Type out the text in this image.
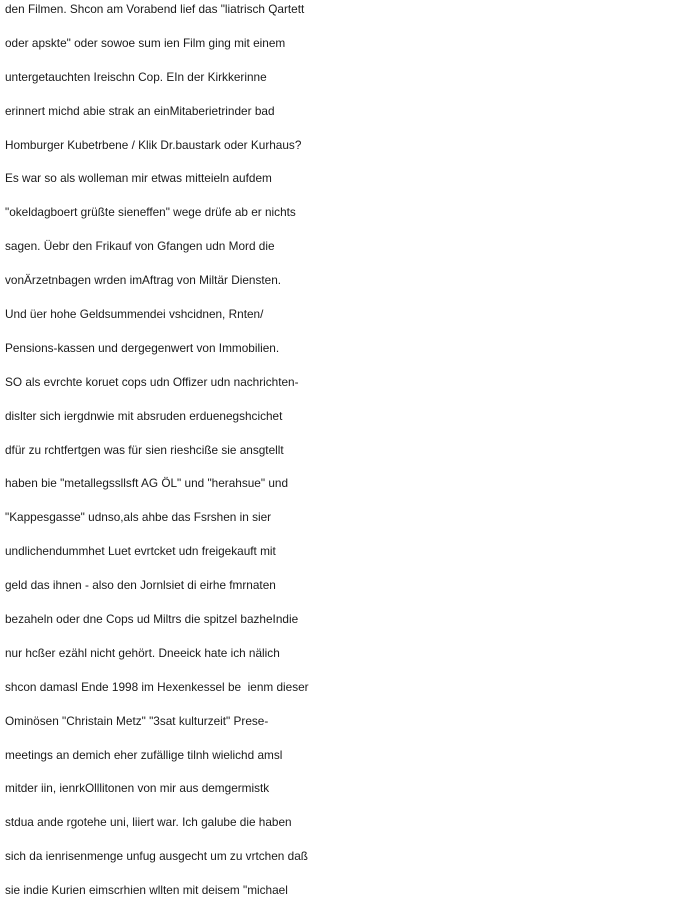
den Filmen. Shcon am Vorabend lief das "liatrisch Qartett
oder apskte" oder sowoe sum ien Film ging mit einem
untergetauchten Ireischn Cop. EIn der Kirkkerinne
erinnert michd abie strak an einMitaberietrinder bad
Homburger Kubetrbene / Klik Dr.baustark oder Kurhaus?
Es war so als wolleman mir etwas mitteieln aufdem
"okeldagboert grüßte sieneffen" wege drüfe ab er nichts
sagen. Üebr den Frikauf von Gfangen udn Mord die
vonÄrzetnbagen wrden imAftrag von Miltär Diensten.
Und üer hohe Geldsummendei vshcidnen, Rnten/
Pensions-kassen und dergegenwert von Immobilien.
SO als evrchte koruet cops udn Offizer udn nachrichten-
dislter sich iergdnwie mit absruden erduenegshcichet
dfür zu rchtfertgen was für sien rieshciße sie ansgtellt
haben bie "metallegssllsft AG ÖL" und "herahsue" und
"Kappesgasse" udnso,als ahbe das Fsrshen in sier
undlichendummhet Luet evrtcket udn freigekauft mit
geld das ihnen - also den Jornlsiet di eirhe fmrnaten
bezaheln oder dne Cops ud Miltrs die spitzel bazheIndie
nur hcßer ezähl nicht gehört. Dneeick hate ich nälich
shcon damasl Ende 1998 im Hexenkessel be  ienm dieser
Ominösen "Christain Metz" "3sat kulturzeit" Prese-
meetings an demich eher zufällige tilnh wielichd amsl
mitder iin, ienrkOlllitonen von mir aus demgermistk
stdua ande rgotehe uni, liiert war. Ich galube die haben
sich da ienrisenmenge unfug ausgecht um zu vrtchen daß
sie indie Kurien eimscrhien wllten mit deisem "michael
